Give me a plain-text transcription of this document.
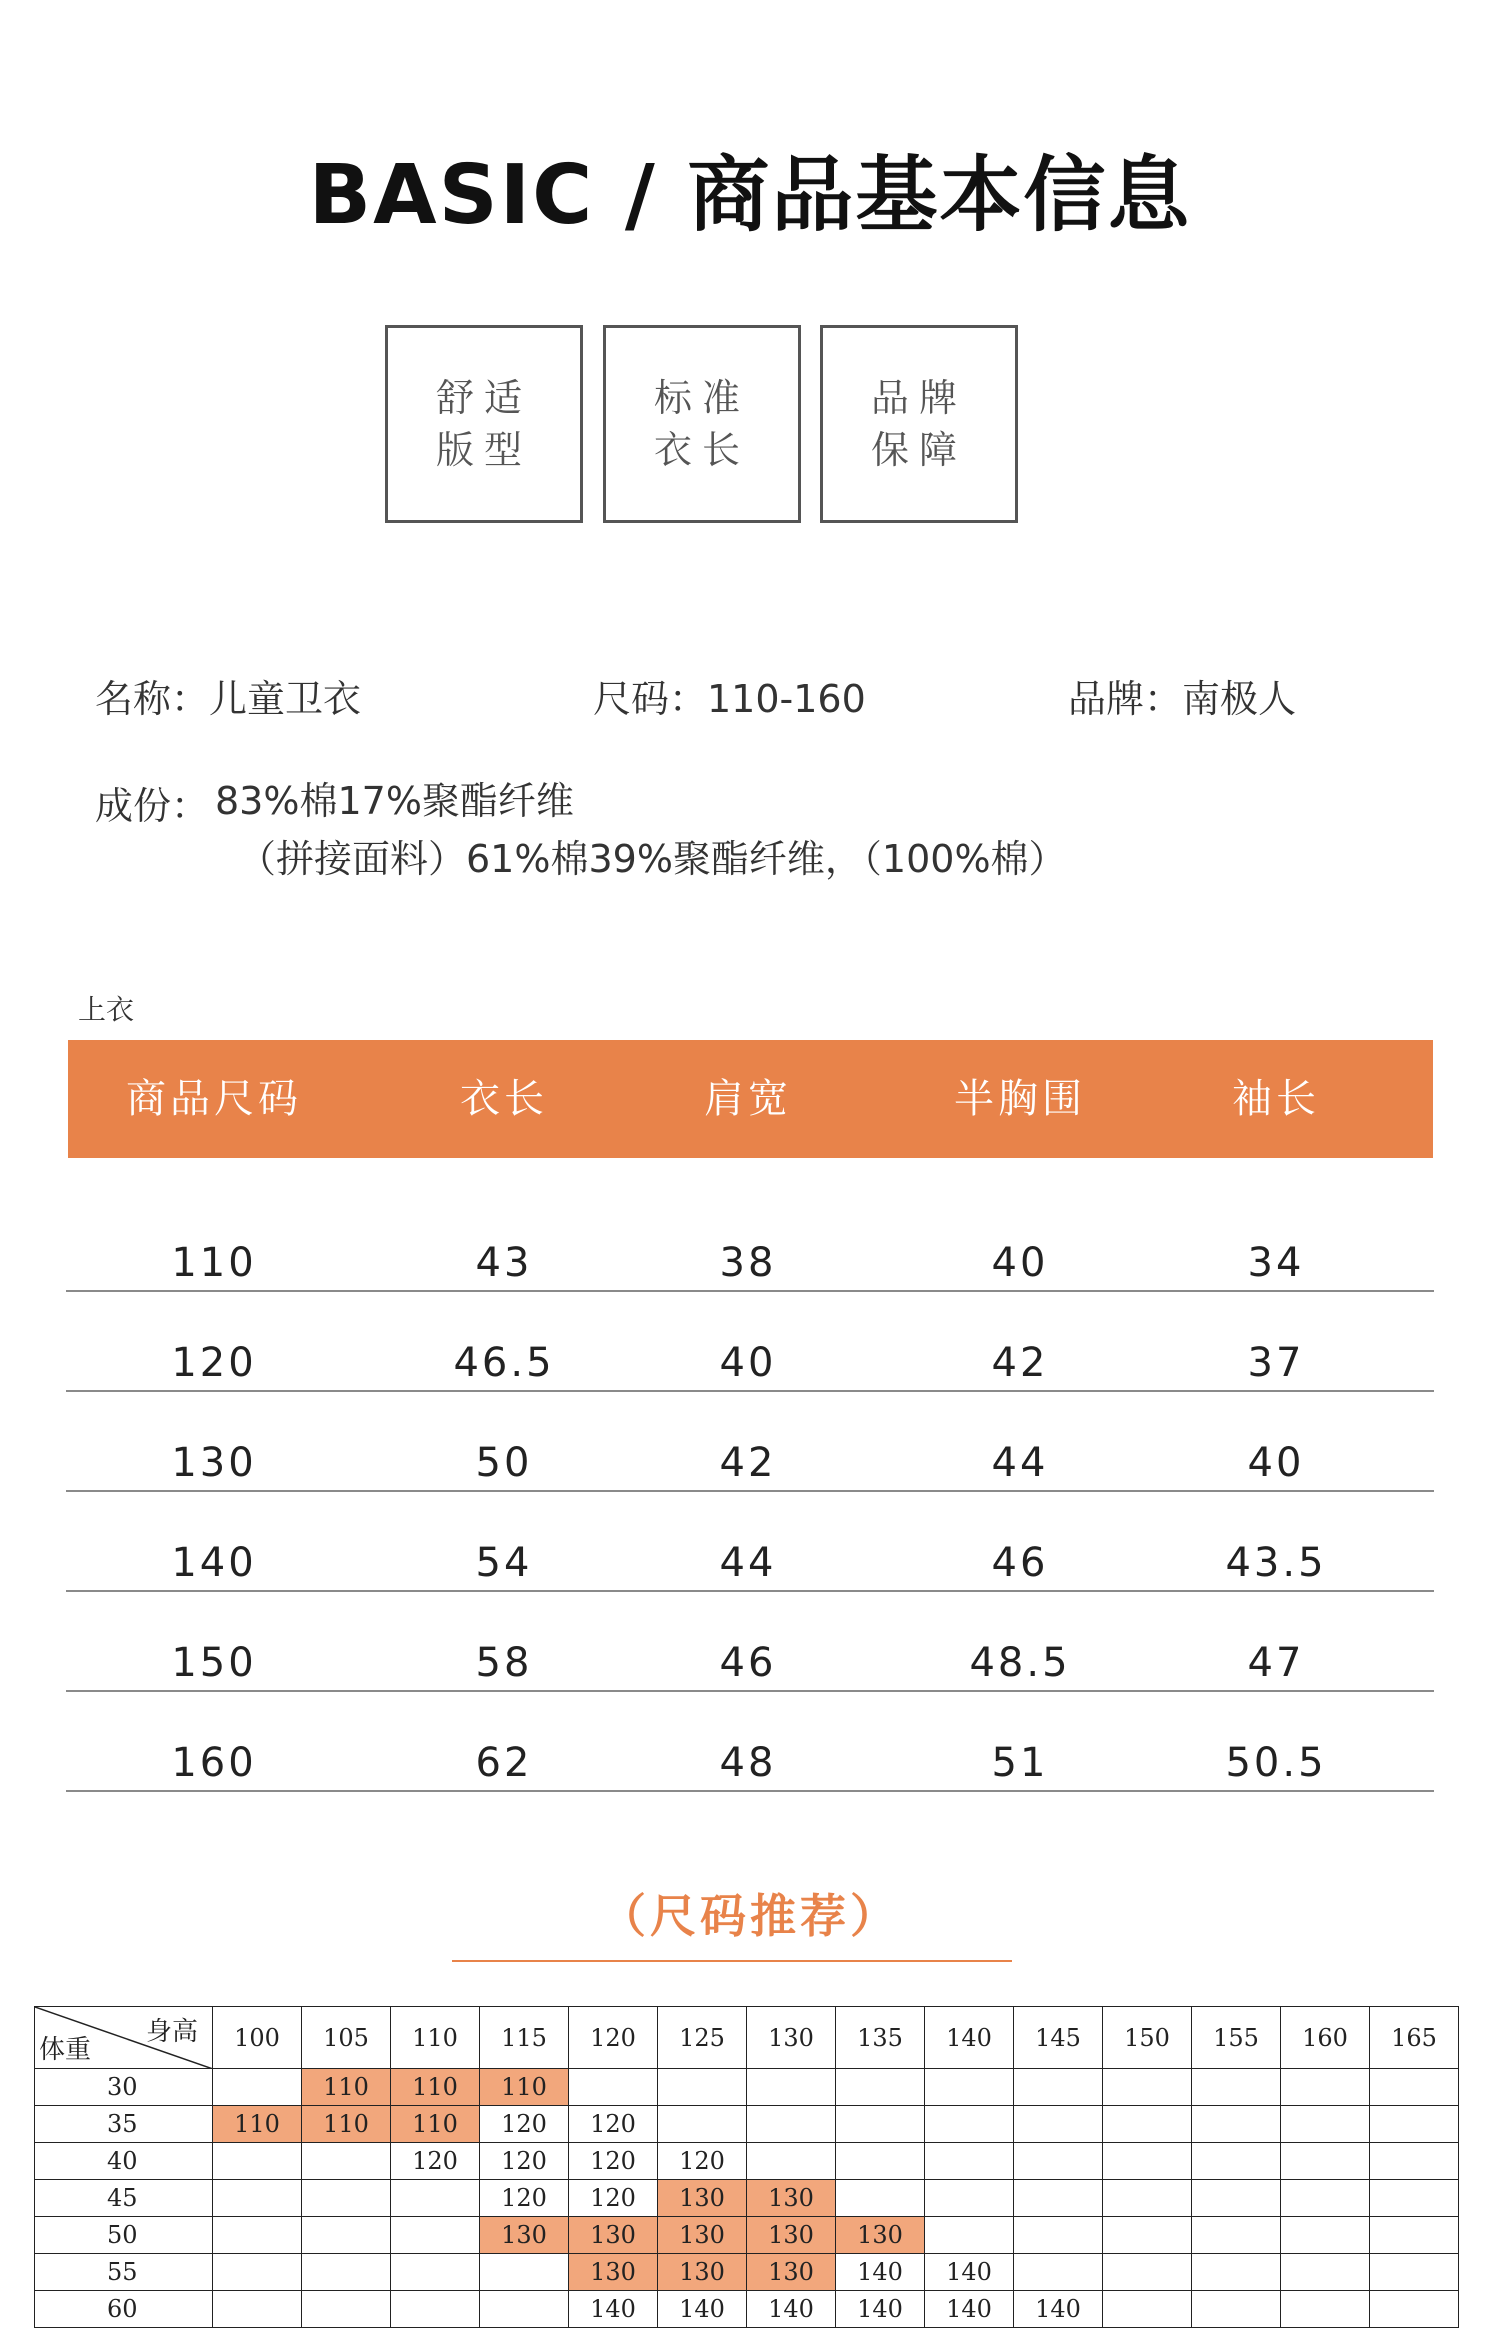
BASIC / 商品基本信息
舒适
版型
标准
衣长
品牌
保障
名称：儿童卫衣	尺码：110-160	品牌：南极人
成份： 83%棉17%聚酯纤维
（拼接面料）61%棉39%聚酯纤维，（100%棉）
上衣
商品尺码	衣长	肩宽	半胸围	袖长
110	43	38	40	34
120	46.5	40	42	37
130	50	42	44	40
140	54	44	46	43.5
150	58	46	48.5	47
160	62	48	51	50.5
（尺码推荐）
身高
体重	100	105	110	115	120	125	130	135	140	145	150	155	160	165
30		110	110	110										
35	110	110	110	120	120									
40			120	120	120	120								
45				120	120	130	130							
50				130	130	130	130	130						
55					130	130	130	140	140					
60					140	140	140	140	140	140				
